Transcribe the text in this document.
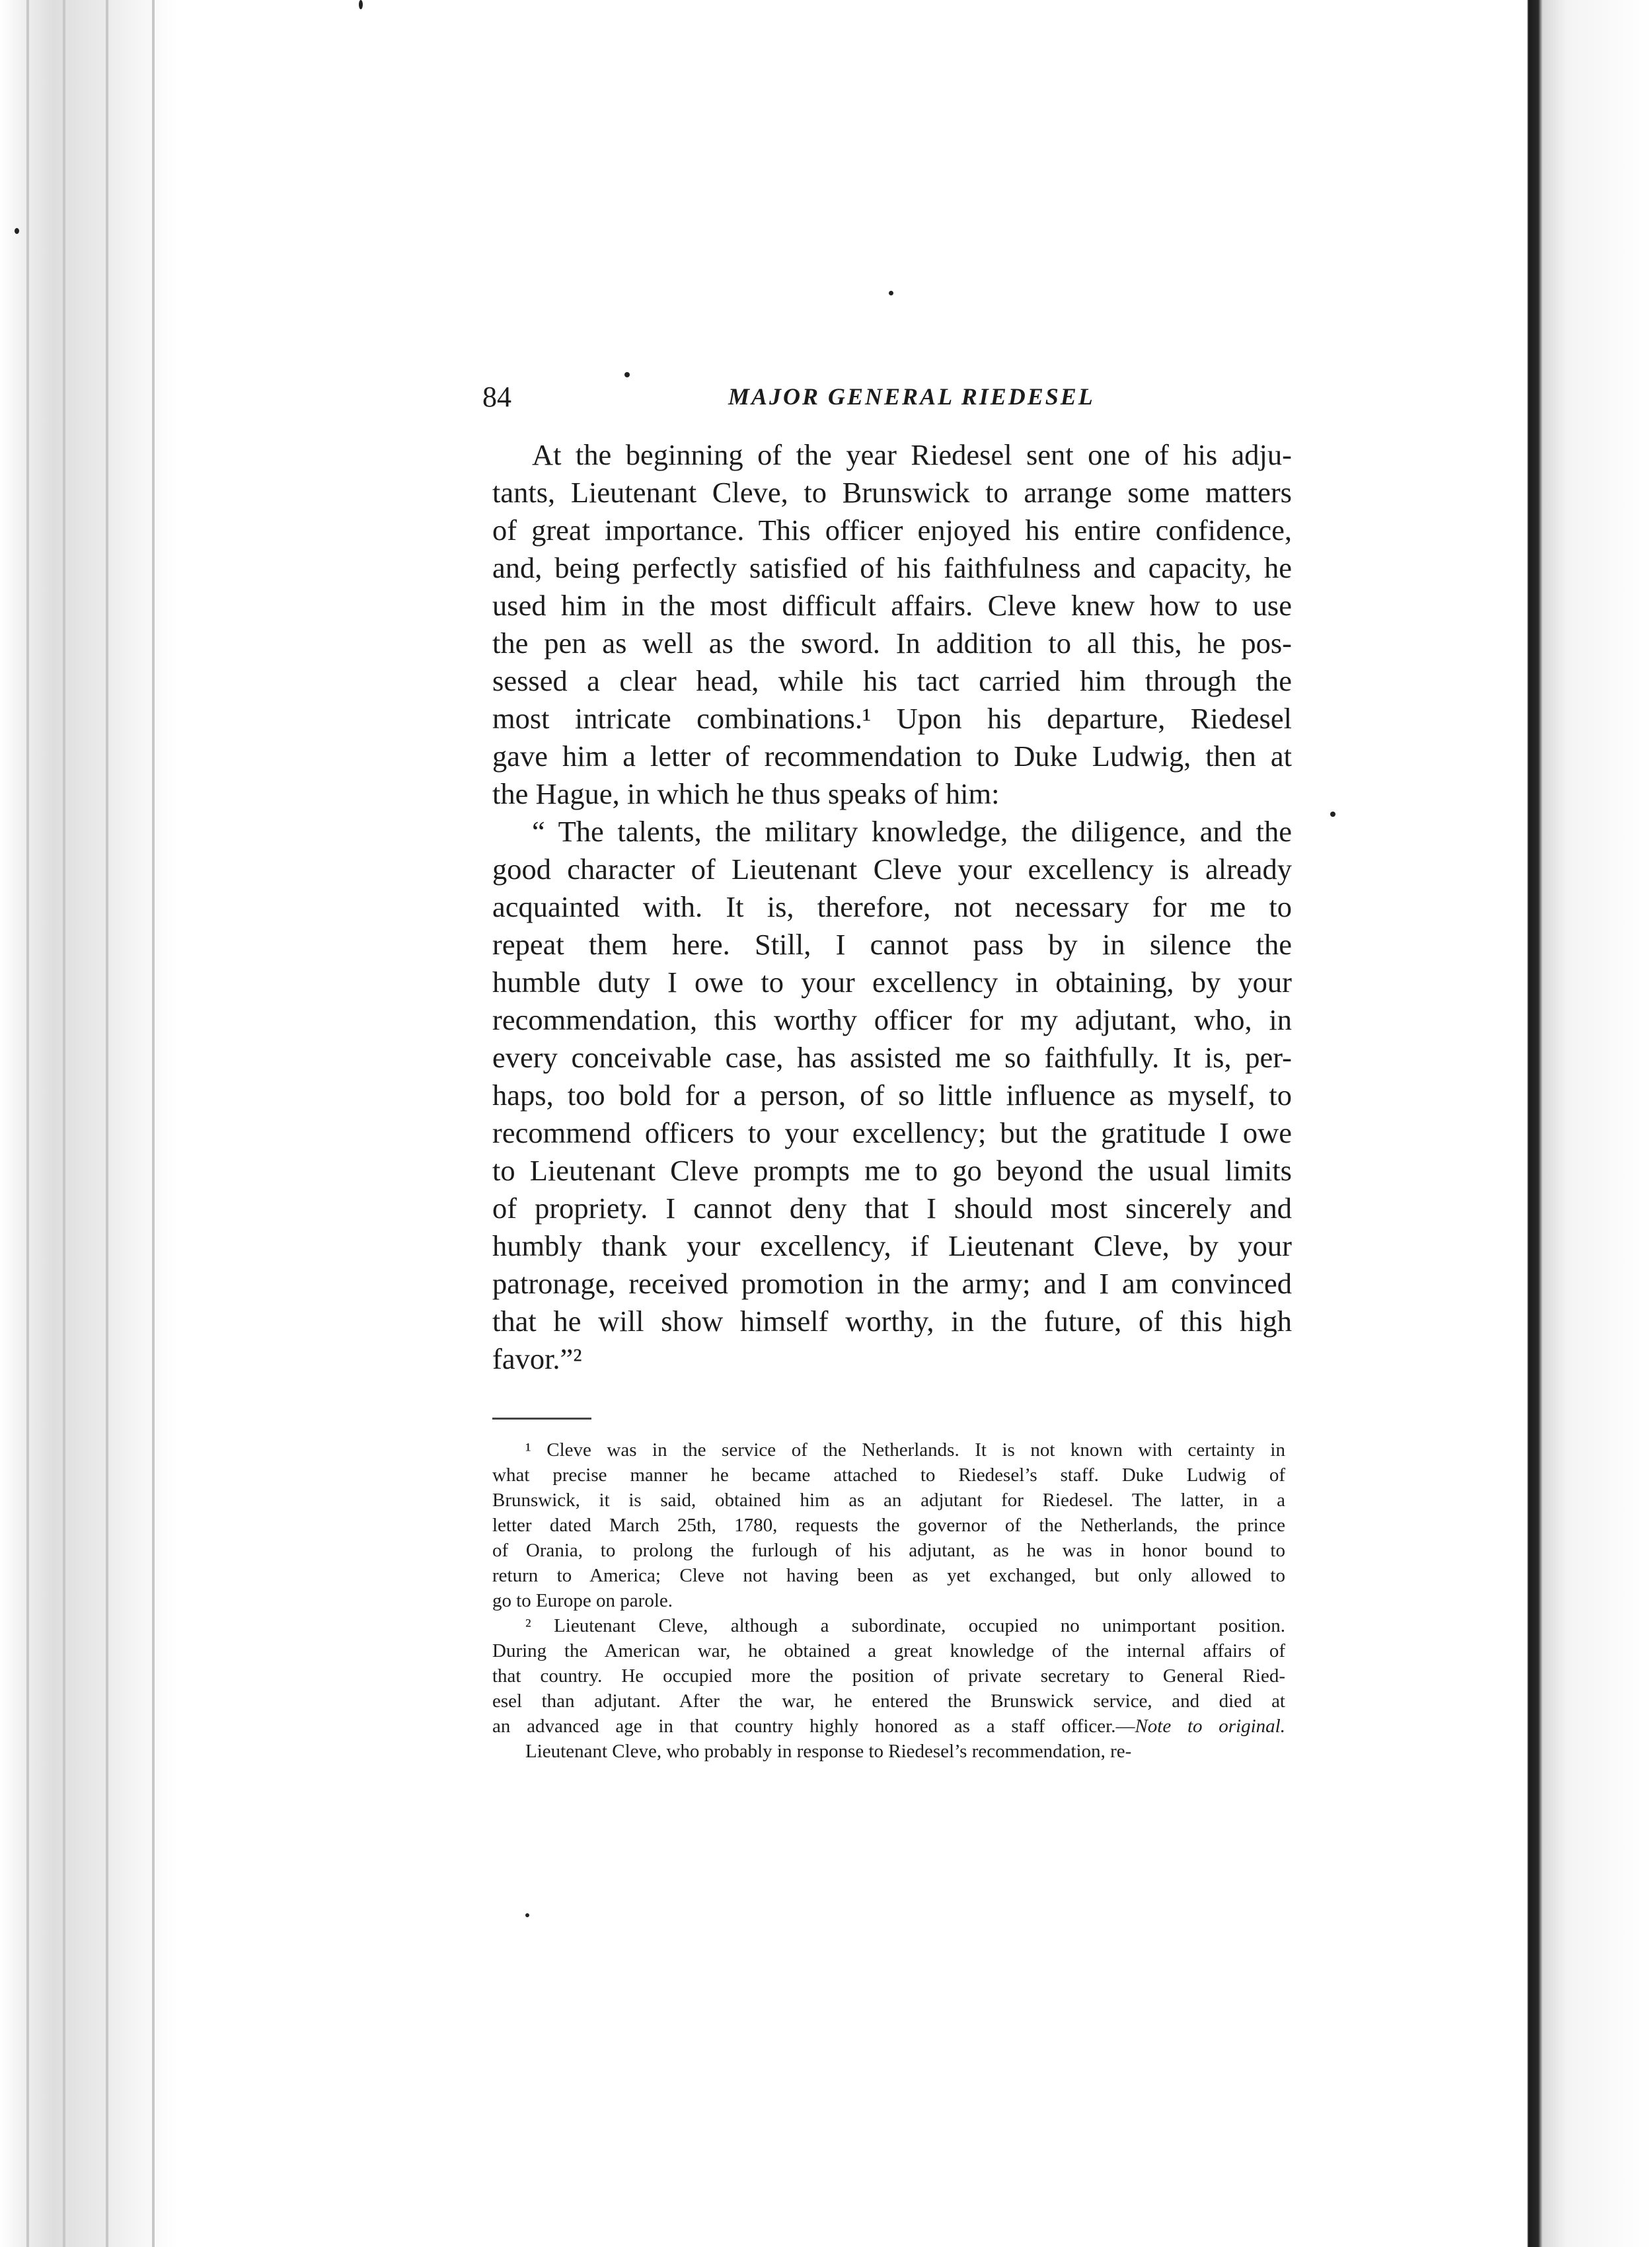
84	MAJOR GENERAL RIEDESEL

At the beginning of the year Riedesel sent one of his adju-

tants, Lieutenant Cleve, to Brunswick to arrange some matters

of great importance. This officer enjoyed his entire confidence,

and, being perfectly satisfied of his faithfulness and capacity, he

used him in the most difficult affairs. Cleve knew how to use

the pen as well as the sword. In addition to all this, he pos-

sessed a clear head, while his tact carried him through the

most intricate combinations.¹ Upon his departure, Riedesel

gave him a letter of recommendation to Duke Ludwig, then at

the Hague, in which he thus speaks of him:

“ The talents, the military knowledge, the diligence, and the

good character of Lieutenant Cleve your excellency is already

acquainted with. It is, therefore, not necessary for me to

repeat them here. Still, I cannot pass by in silence the

humble duty I owe to your excellency in obtaining, by your

recommendation, this worthy officer for my adjutant, who, in

every conceivable case, has assisted me so faithfully. It is, per-

haps, too bold for a person, of so little influence as myself, to

recommend officers to your excellency; but the gratitude I owe

to Lieutenant Cleve prompts me to go beyond the usual limits

of propriety. I cannot deny that I should most sincerely and

humbly thank your excellency, if Lieutenant Cleve, by your

patronage, received promotion in the army; and I am convinced

that he will show himself worthy, in the future, of this high

favor.”²

¹ Cleve was in the service of the Netherlands. It is not known with certainty in

what precise manner he became attached to Riedesel’s staff. Duke Ludwig of

Brunswick, it is said, obtained him as an adjutant for Riedesel. The latter, in a

letter dated March 25th, 1780, requests the governor of the Netherlands, the prince

of Orania, to prolong the furlough of his adjutant, as he was in honor bound to

return to America; Cleve not having been as yet exchanged, but only allowed to

go to Europe on parole.

² Lieutenant Cleve, although a subordinate, occupied no unimportant position.

During the American war, he obtained a great knowledge of the internal affairs of

that country. He occupied more the position of private secretary to General Ried-

esel than adjutant. After the war, he entered the Brunswick service, and died at

an advanced age in that country highly honored as a staff officer.—Note to original.

Lieutenant Cleve, who probably in response to Riedesel’s recommendation, re-
